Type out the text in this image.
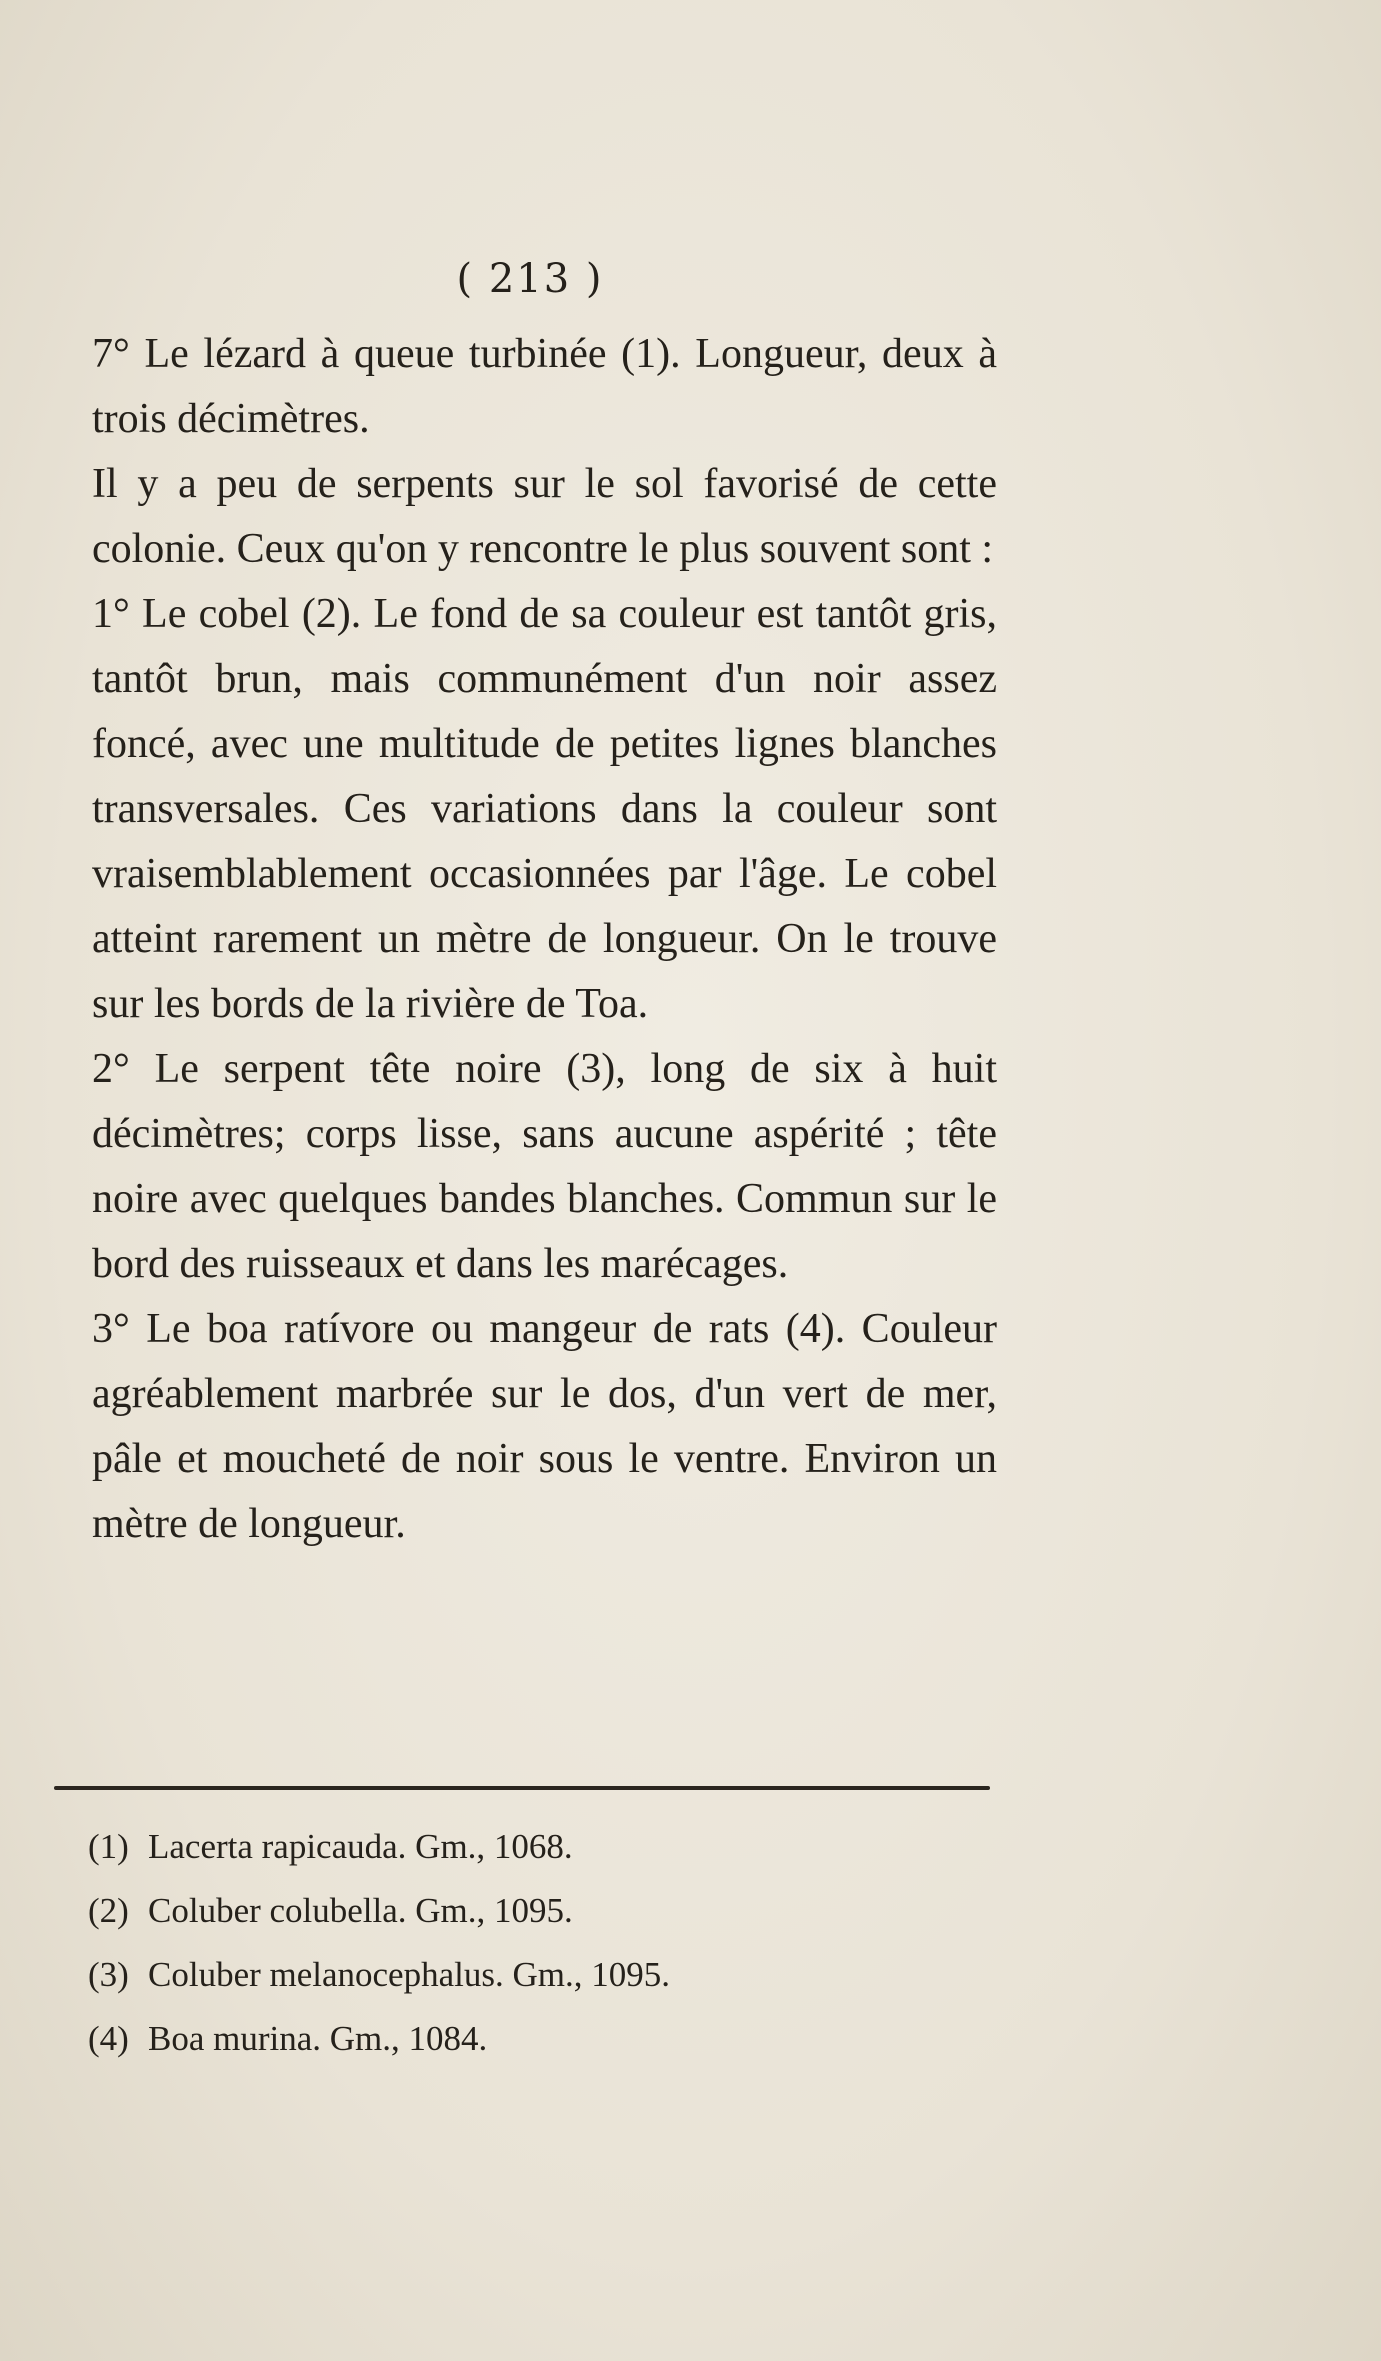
( 213 )

7° Le lézard à queue turbinée (1). Longueur, deux à trois décimètres.

Il y a peu de serpents sur le sol favorisé de cette colonie. Ceux qu'on y rencontre le plus souvent sont :

1° Le cobel (2). Le fond de sa couleur est tantôt gris, tantôt brun, mais communément d'un noir assez foncé, avec une multitude de petites lignes blanches transversales. Ces variations dans la couleur sont vraisemblablement occasionnées par l'âge. Le cobel atteint rarement un mètre de longueur. On le trouve sur les bords de la rivière de Toa.

2° Le serpent tête noire (3), long de six à huit décimètres; corps lisse, sans aucune aspérité ; tête noire avec quelques bandes blanches. Commun sur le bord des ruisseaux et dans les marécages.

3° Le boa ratívore ou mangeur de rats (4). Couleur agréablement marbrée sur le dos, d'un vert de mer, pâle et moucheté de noir sous le ventre. Environ un mètre de longueur.

(1) Lacerta rapicauda. Gm., 1068.

(2) Coluber colubella. Gm., 1095.

(3) Coluber melanocephalus. Gm., 1095.

(4) Boa murina. Gm., 1084.
